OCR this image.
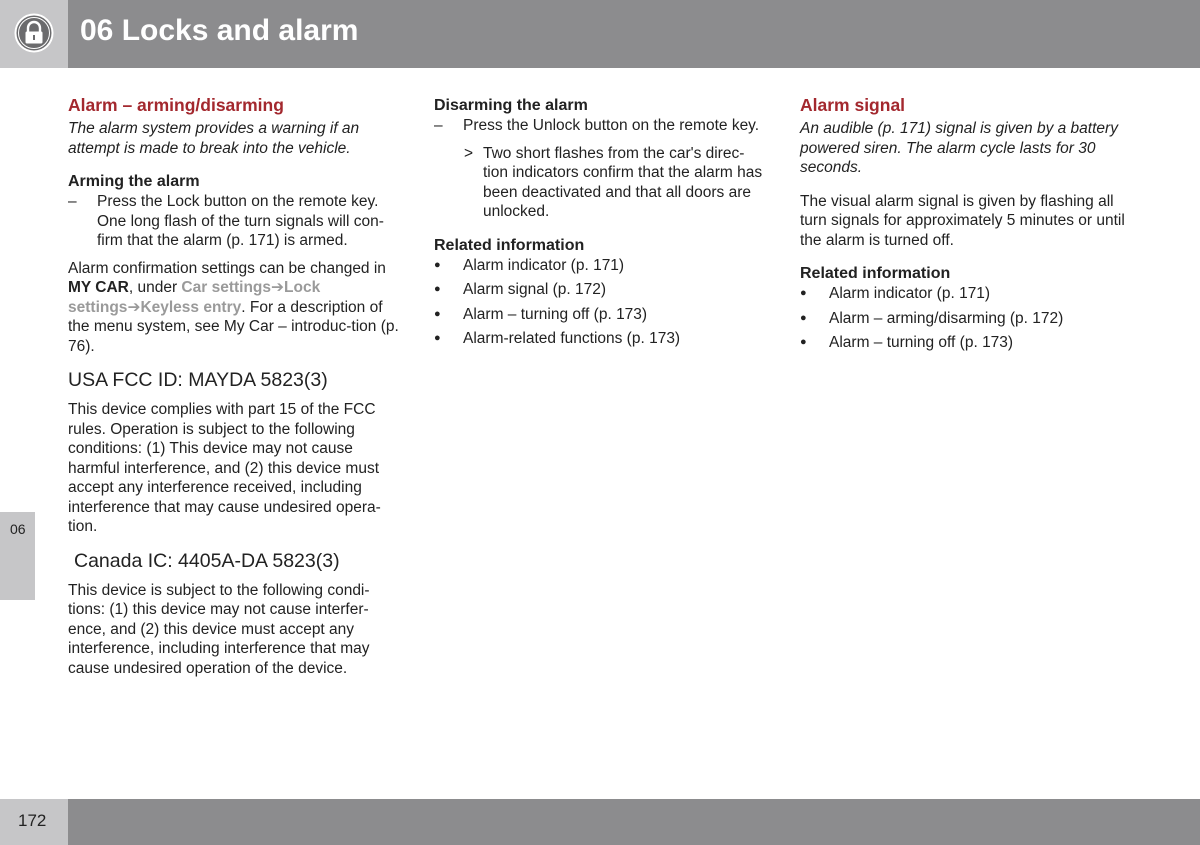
06 Locks and alarm
06
Alarm – arming/disarming
The alarm system provides a warning if an attempt is made to break into the vehicle.
Arming the alarm
– Press the Lock button on the remote key. One long flash of the turn signals will con-firm that the alarm (p. 171) is armed.

Alarm confirmation settings can be changed in MY CAR, under Car settings➔Lock settings➔Keyless entry. For a description of the menu system, see My Car – introduc-tion (p. 76).

USA FCC ID: MAYDA 5823(3)

This device complies with part 15 of the FCC rules. Operation is subject to the following conditions: (1) This device may not cause harmful interference, and (2) this device must accept any interference received, including interference that may cause undesired opera-tion.

Canada IC: 4405A-DA 5823(3)

This device is subject to the following condi-tions: (1) this device may not cause interfer-ence, and (2) this device must accept any interference, including interference that may cause undesired operation of the device.

Disarming the alarm
– Press the Unlock button on the remote key.
> Two short flashes from the car's direc-tion indicators confirm that the alarm has been deactivated and that all doors are unlocked.
Related information
● Alarm indicator (p. 171)
● Alarm signal (p. 172)
● Alarm – turning off (p. 173)
● Alarm-related functions (p. 173)
Alarm signal
An audible (p. 171) signal is given by a battery powered siren. The alarm cycle lasts for 30 seconds.

The visual alarm signal is given by flashing all turn signals for approximately 5 minutes or until the alarm is turned off.

Related information
● Alarm indicator (p. 171)
● Alarm – arming/disarming (p. 172)
● Alarm – turning off (p. 173)
172
